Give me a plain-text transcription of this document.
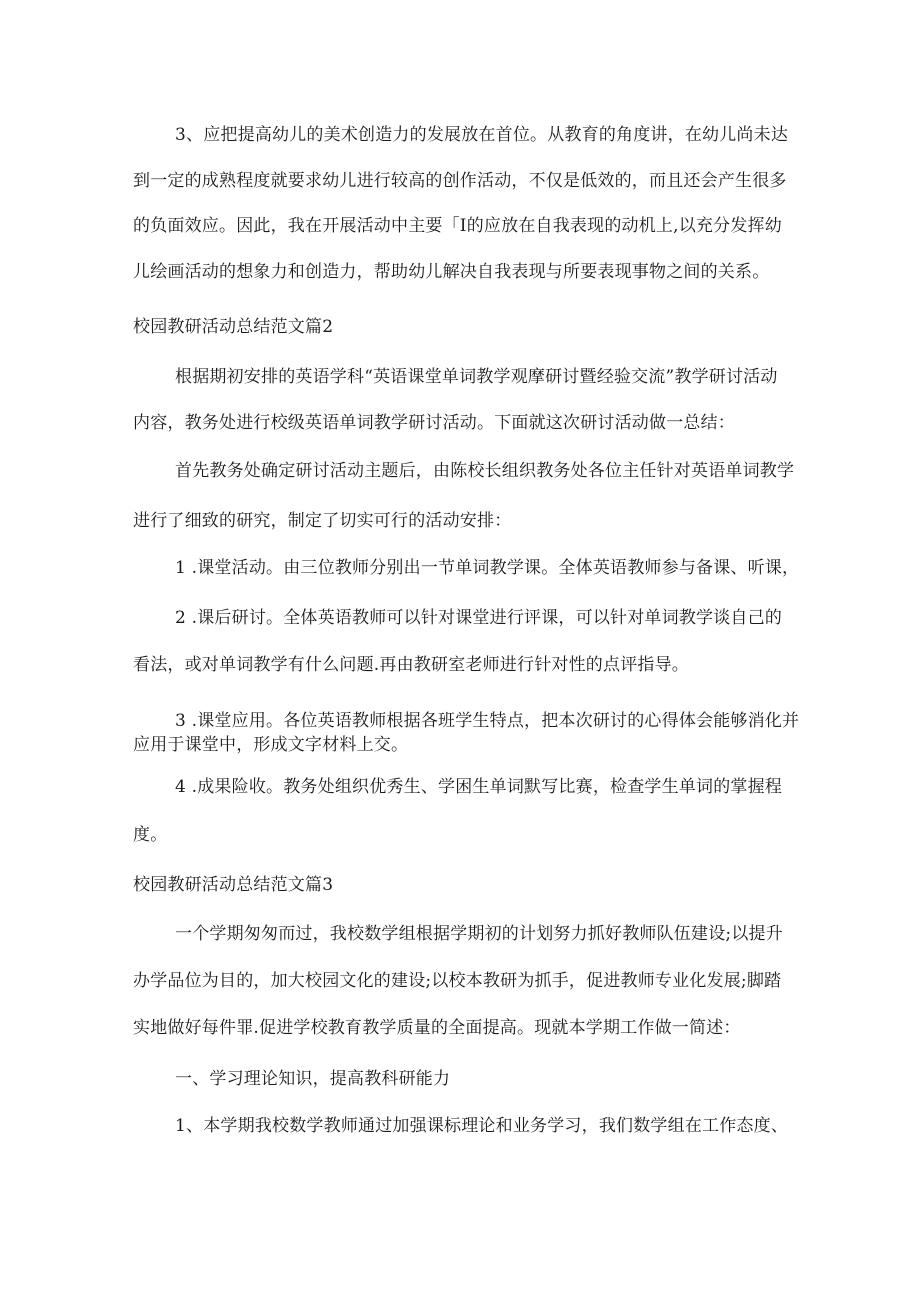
3、应把提高幼儿的美术创造力的发展放在首位。从教育的角度讲，在幼儿尚未达
到一定的成熟程度就要求幼儿进行较高的创作活动，不仅是低效的，而且还会产生很多
的负面效应。因此，我在开展活动中主要「I的应放在自我表现的动机上,以充分发挥幼
儿绘画活动的想象力和创造力，帮助幼儿解决自我表现与所要表现事物之间的关系。
校园教研活动总结范文篇2
根据期初安排的英语学科“英语课堂单词教学观摩研讨暨经验交流”教学研讨活动
内容，教务处进行校级英语单词教学研讨活动。下面就这次研讨活动做一总结：
首先教务处确定研讨活动主题后，由陈校长组织教务处各位主任针对英语单词教学
进行了细致的研究，制定了切实可行的活动安排：
1 .课堂活动。由三位教师分别出一节单词教学课。全体英语教师参与备课、听课，
2 .课后研讨。全体英语教师可以针对课堂进行评课，可以针对单词教学谈自己的
看法，或对单词教学有什么问题.再由教研室老师进行针对性的点评指导。
3 .课堂应用。各位英语教师根据各班学生特点，把本次研讨的心得体会能够消化并
应用于课堂中，形成文字材料上交。
4 .成果险收。教务处组织优秀生、学困生单词默写比赛，检查学生单词的掌握程
度。
校园教研活动总结范文篇3
一个学期匆匆而过，我校数学组根据学期初的计划努力抓好教师队伍建设;以提升
办学品位为目的，加大校园文化的建设;以校本教研为抓手，促进教师专业化发展;脚踏
实地做好每件罪.促进学校教育教学质量的全面提高。现就本学期工作做一简述：
一、学习理论知识，提高教科研能力
1、本学期我校数学教师通过加强课标理论和业务学习，我们数学组在工作态度、
